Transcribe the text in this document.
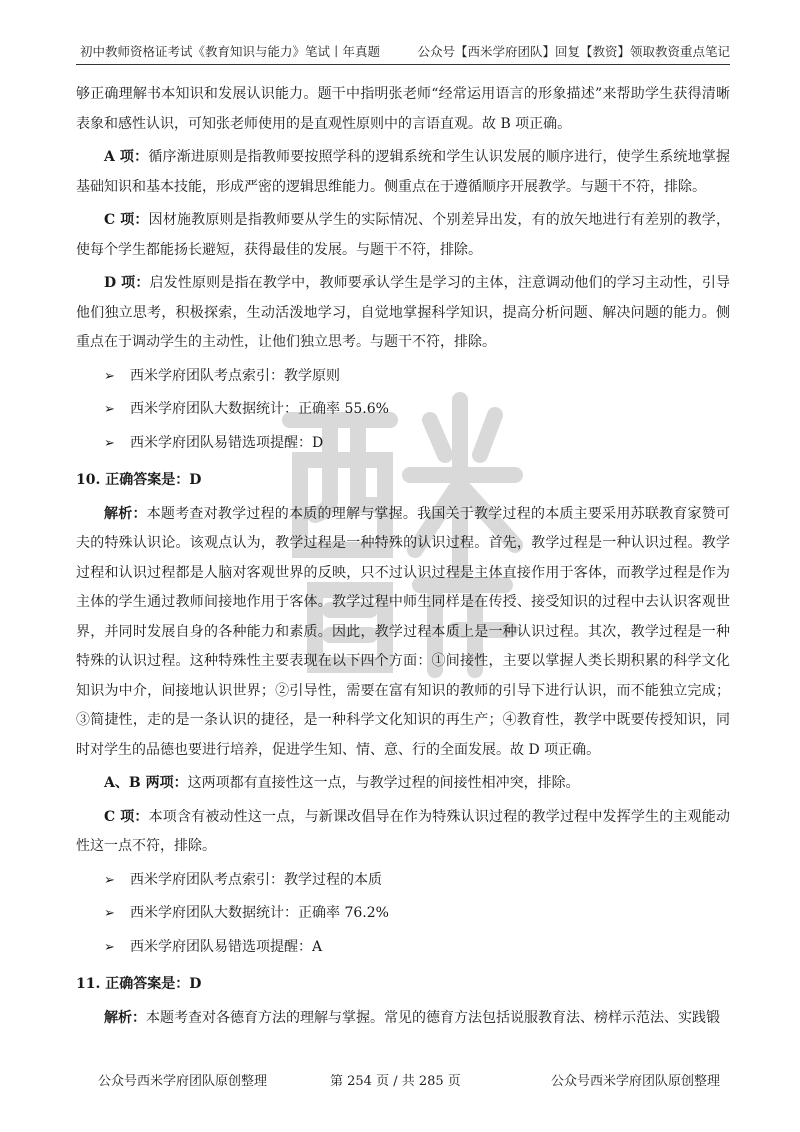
初中教师资格证考试《教育知识与能力》笔试丨年真题	公众号【西米学府团队】回复【教资】领取教资重点笔记

够正确理解书本知识和发展认识能力。题干中指明张老师“经常运用语言的形象描述”来帮助学生获得清晰表象和感性认识，可知张老师使用的是直观性原则中的言语直观。故 B 项正确。

A 项：循序渐进原则是指教师要按照学科的逻辑系统和学生认识发展的顺序进行，使学生系统地掌握基础知识和基本技能，形成严密的逻辑思维能力。侧重点在于遵循顺序开展教学。与题干不符，排除。

C 项：因材施教原则是指教师要从学生的实际情况、个别差异出发，有的放矢地进行有差别的教学，使每个学生都能扬长避短，获得最佳的发展。与题干不符，排除。

D 项：启发性原则是指在教学中，教师要承认学生是学习的主体，注意调动他们的学习主动性，引导他们独立思考，积极探索，生动活泼地学习，自觉地掌握科学知识，提高分析问题、解决问题的能力。侧重点在于调动学生的主动性，让他们独立思考。与题干不符，排除。

➢ 西米学府团队考点索引：教学原则
➢ 西米学府团队大数据统计：正确率 55.6%
➢ 西米学府团队易错选项提醒：D

10. 正确答案是：D

解析：本题考查对教学过程的本质的理解与掌握。我国关于教学过程的本质主要采用苏联教育家赞可夫的特殊认识论。该观点认为，教学过程是一种特殊的认识过程。首先，教学过程是一种认识过程。教学过程和认识过程都是人脑对客观世界的反映，只不过认识过程是主体直接作用于客体，而教学过程是作为主体的学生通过教师间接地作用于客体。教学过程中师生同样是在传授、接受知识的过程中去认识客观世界，并同时发展自身的各种能力和素质。因此，教学过程本质上是一种认识过程。其次，教学过程是一种特殊的认识过程。这种特殊性主要表现在以下四个方面：①间接性，主要以掌握人类长期积累的科学文化知识为中介，间接地认识世界；②引导性，需要在富有知识的教师的引导下进行认识，而不能独立完成；③简捷性，走的是一条认识的捷径，是一种科学文化知识的再生产；④教育性，教学中既要传授知识，同时对学生的品德也要进行培养，促进学生知、情、意、行的全面发展。故 D 项正确。

A、B 两项：这两项都有直接性这一点，与教学过程的间接性相冲突，排除。

C 项：本项含有被动性这一点，与新课改倡导在作为特殊认识过程的教学过程中发挥学生的主观能动性这一点不符，排除。

➢ 西米学府团队考点索引：教学过程的本质
➢ 西米学府团队大数据统计：正确率 76.2%
➢ 西米学府团队易错选项提醒：A

11. 正确答案是：D

解析：本题考查对各德育方法的理解与掌握。常见的德育方法包括说服教育法、榜样示范法、实践锻

公众号西米学府团队原创整理	第 254 页 / 共 285 页	公众号西米学府团队原创整理
